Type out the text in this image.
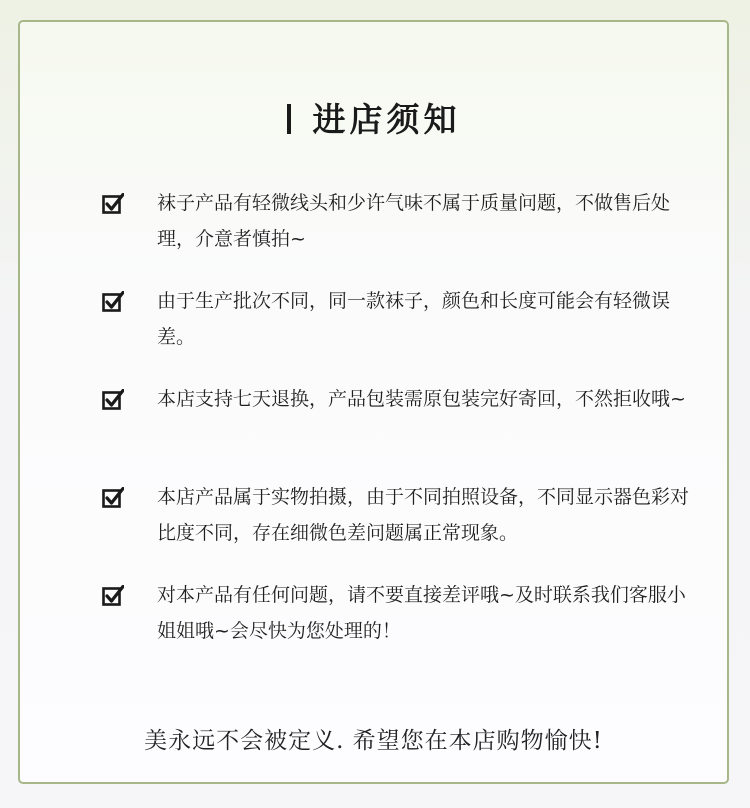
进店须知
袜子产品有轻微线头和少许气味不属于质量问题，不做售后处理，介意者慎拍~
由于生产批次不同，同一款袜子，颜色和长度可能会有轻微误差。
本店支持七天退换，产品包装需原包装完好寄回，不然拒收哦~
本店产品属于实物拍摄，由于不同拍照设备，不同显示器色彩对比度不同，存在细微色差问题属正常现象。
对本产品有任何问题，请不要直接差评哦~及时联系我们客服小姐姐哦~会尽快为您处理的！
美永远不会被定义. 希望您在本店购物愉快!
